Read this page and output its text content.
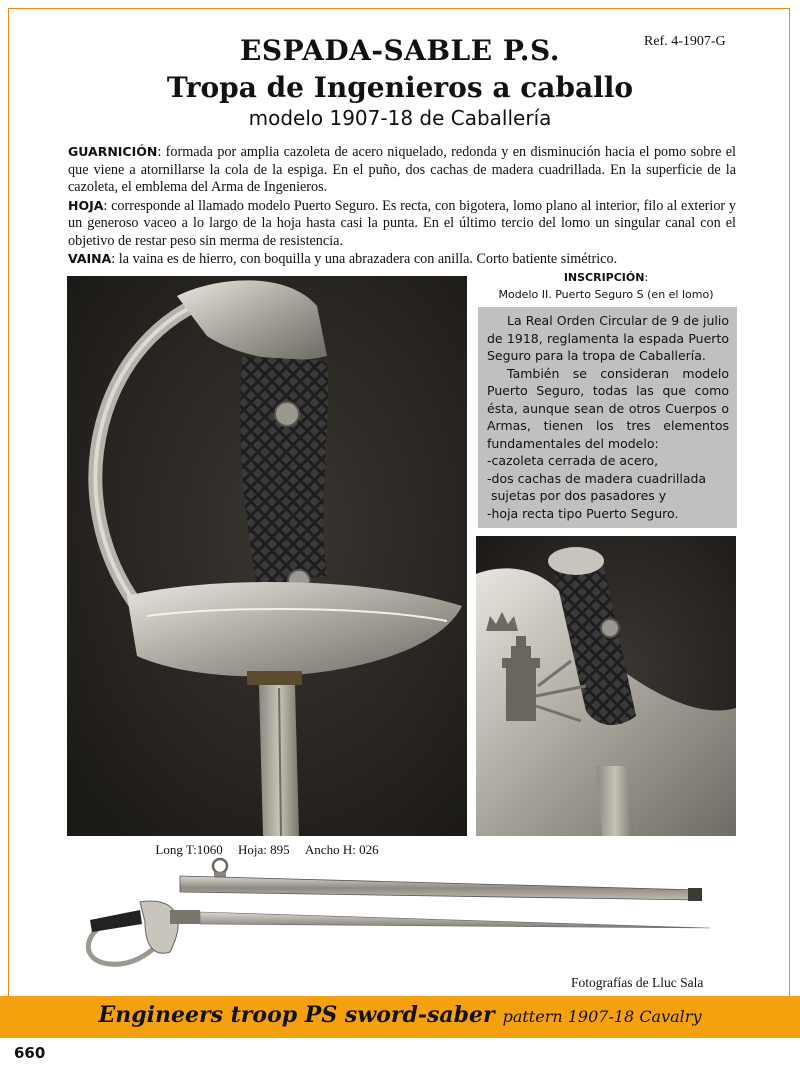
Ref. 4-1907-G
ESPADA-SABLE P.S.
Tropa de Ingenieros a caballo
modelo 1907-18 de Caballería

GUARNICIÓN: formada por amplia cazoleta de acero niquelado, redonda y en disminución hacia el pomo sobre el que viene a atornillarse la cola de la espiga. En el puño, dos cachas de madera cuadrillada. En la superficie de la cazoleta, el emblema del Arma de Ingenieros.

HOJA: corresponde al llamado modelo Puerto Seguro. Es recta, con bigotera, lomo plano al interior, filo al exterior y un generoso vaceo a lo largo de la hoja hasta casi la punta. En el último tercio del lomo un singular canal con el objetivo de restar peso sin merma de resistencia.

VAINA: la vaina es de hierro, con boquilla y una abrazadera con anilla. Corto batiente simétrico.

INSCRIPCIÓN:
Modelo II. Puerto Seguro S (en el lomo)

La Real Orden Circular de 9 de julio de 1918, reglamenta la espada Puerto Seguro para la tropa de Caballería.

También se consideran modelo Puerto Seguro, todas las que como ésta, aunque sean de otros Cuerpos o Armas, tienen los tres elementos fundamentales del modelo:

-cazoleta cerrada de acero,

-dos cachas de madera cuadrillada

sujetas por dos pasadores y

-hoja recta tipo Puerto Seguro.

Long T:1060 Hoja: 895 Ancho H: 026
Fotografías de Lluc Sala
Engineers troop PS sword-saber pattern 1907-18 Cavalry
660
